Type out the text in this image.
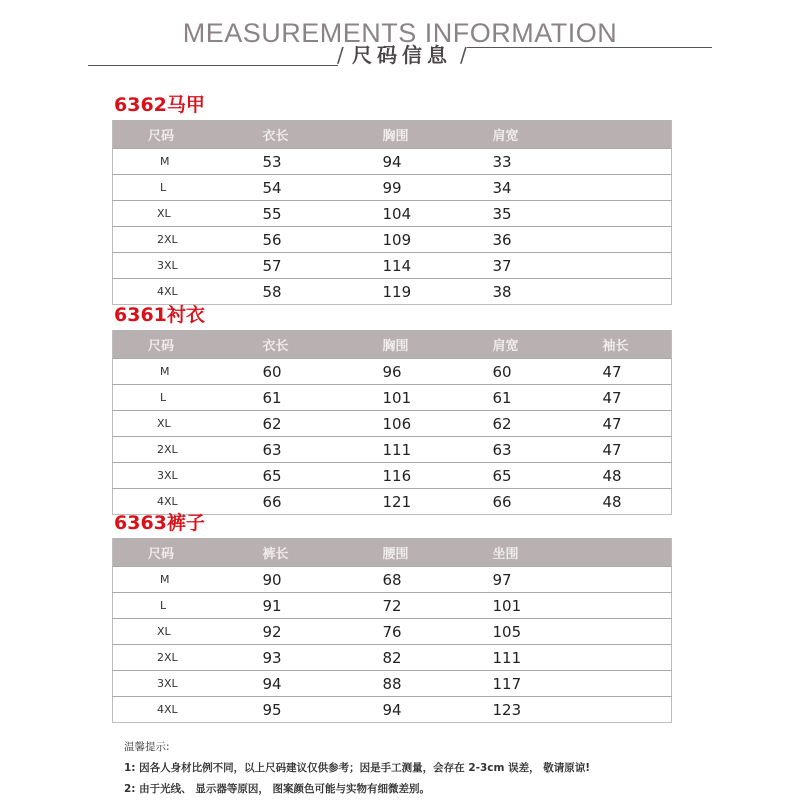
MEASUREMENTS INFORMATION
/ 尺码信息 /
6362马甲
尺码	衣长	胸围	肩宽
M	53	94	33
L	54	99	34
XL	55	104	35
2XL	56	109	36
3XL	57	114	37
4XL	58	119	38
6361衬衣
尺码	衣长	胸围	肩宽	袖长
M	60	96	60	47
L	61	101	61	47
XL	62	106	62	47
2XL	63	111	63	47
3XL	65	116	65	48
4XL	66	121	66	48
6363裤子
尺码	裤长	腰围	坐围
M	90	68	97
L	91	72	101
XL	92	76	105
2XL	93	82	111
3XL	94	88	117
4XL	95	94	123
温馨提示:
1: 因各人身材比例不同，以上尺码建议仅供参考；因是手工测量，会存在 2-3cm 误差， 敬请原谅!
2: 由于光线、 显示器等原因， 图案颜色可能与实物有细微差别。
